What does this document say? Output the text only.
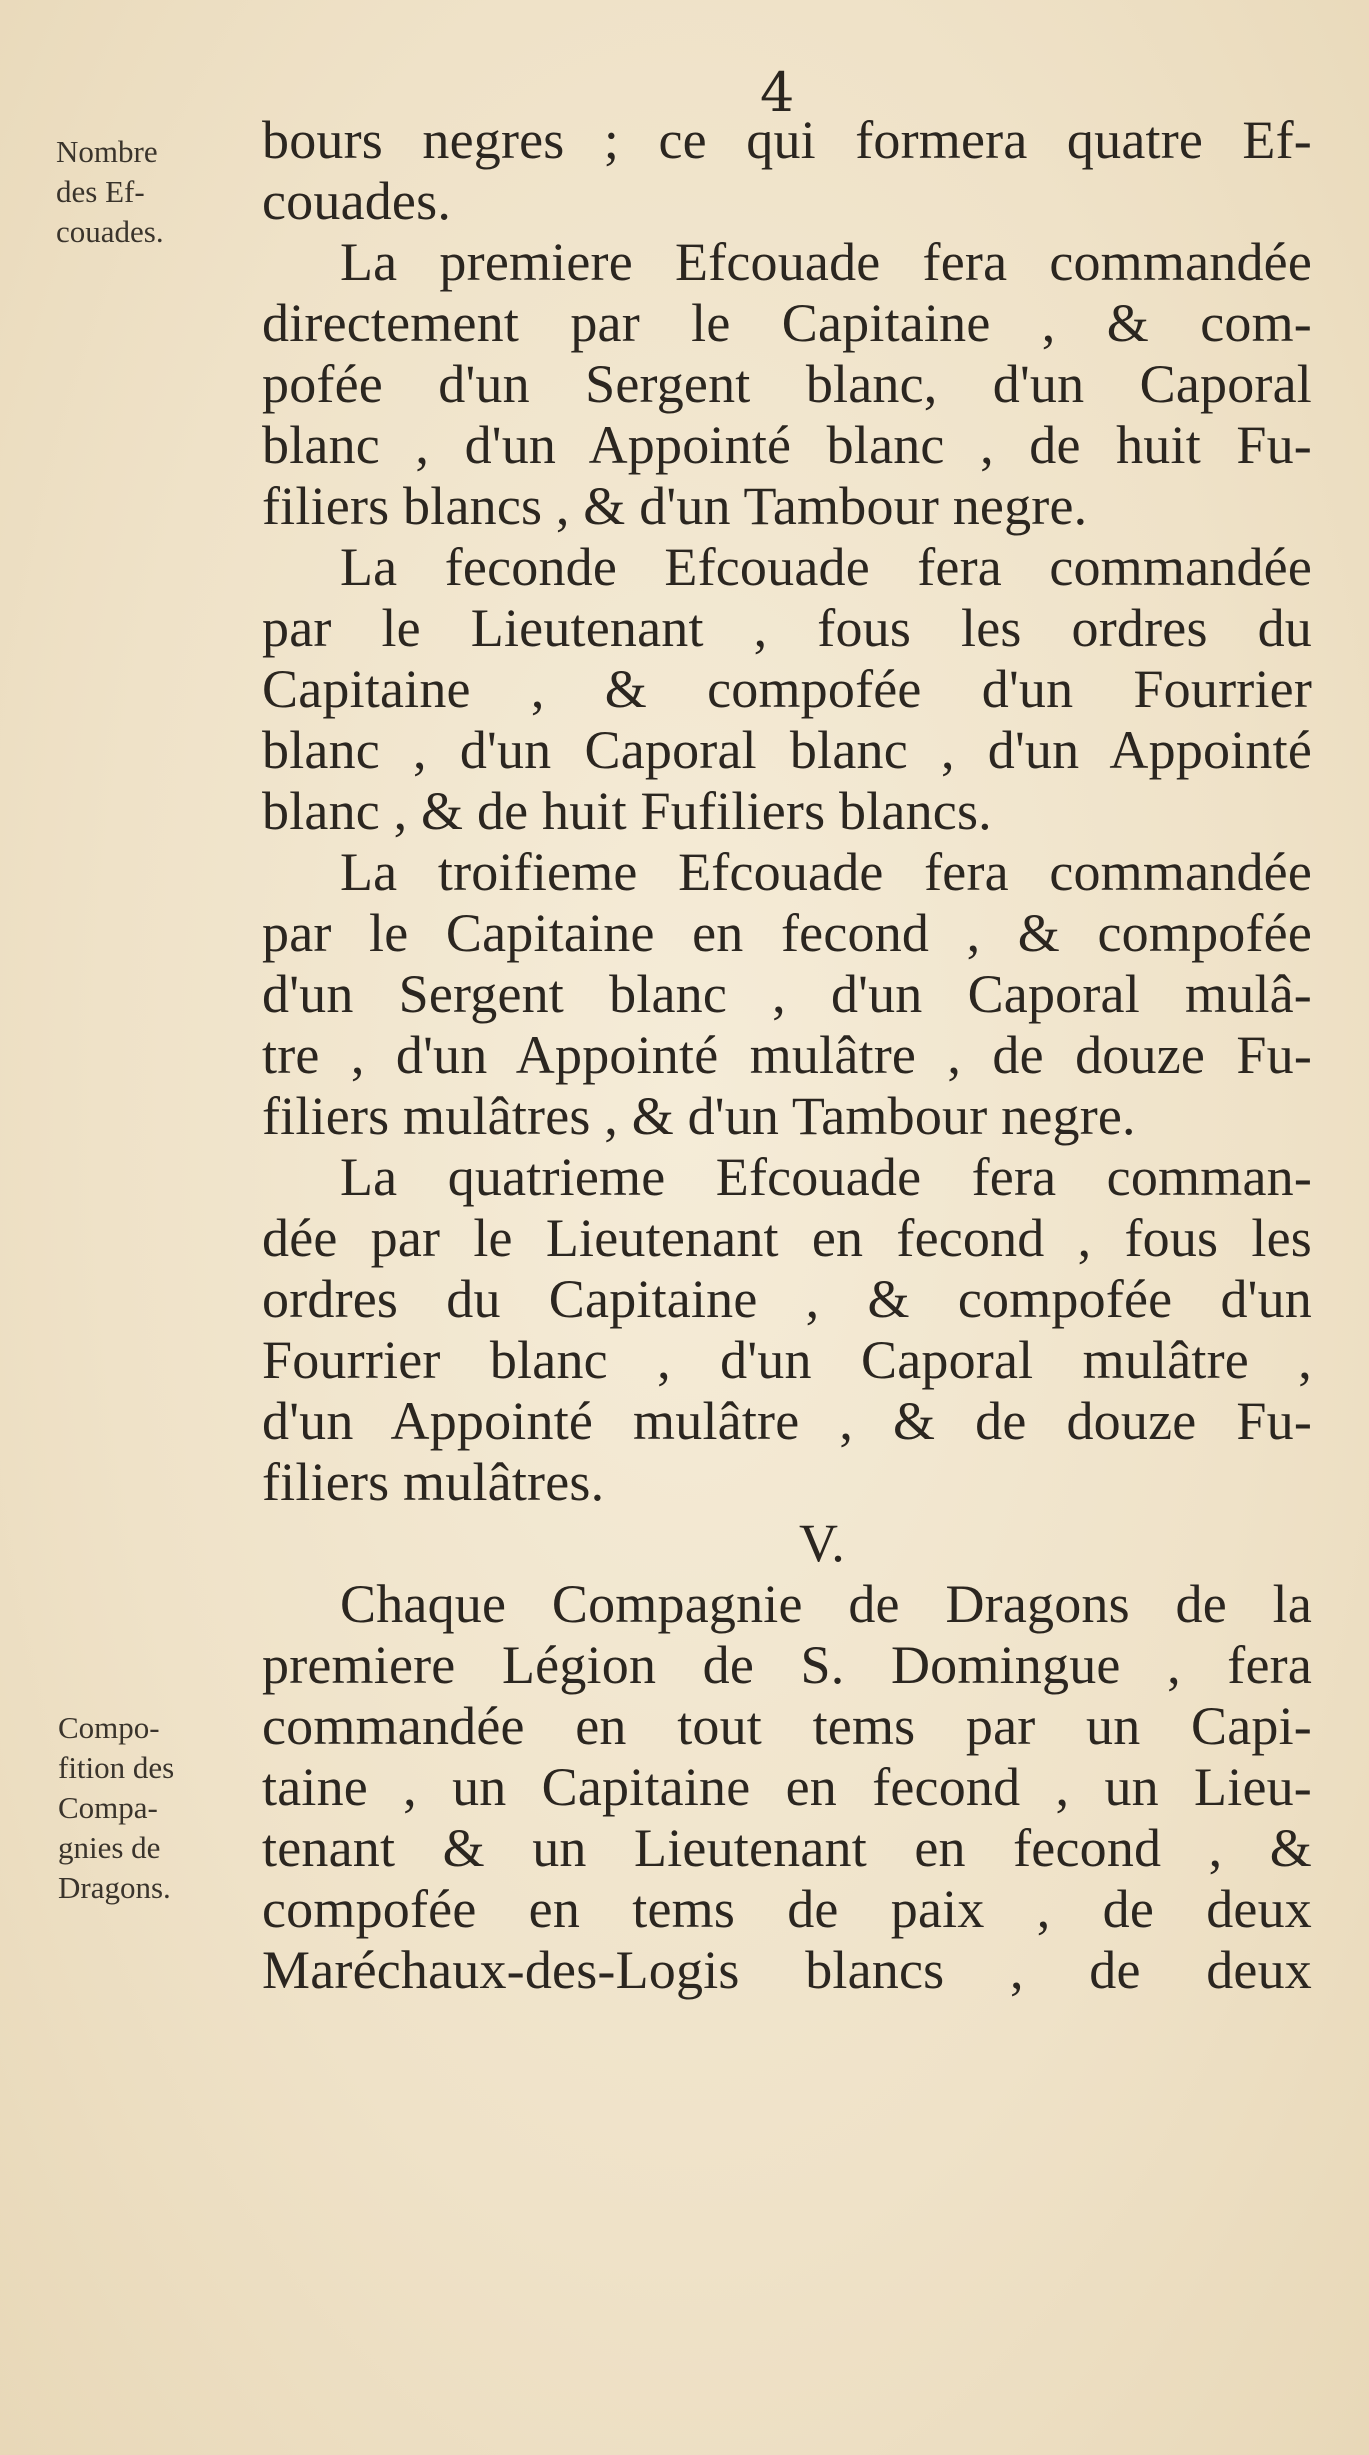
4
Nombre
des Ef-
couades.
Compo-
fition des
Compa-
gnies de
Dragons.
bours negres ; ce qui formera quatre Ef-
couades.
La premiere Efcouade fera commandée
directement par le Capitaine , & com-
pofée d'un Sergent blanc, d'un Caporal
blanc , d'un Appointé blanc , de huit Fu-
filiers blancs , & d'un Tambour negre.
La feconde Efcouade fera commandée
par le Lieutenant , fous les ordres du
Capitaine , & compofée d'un Fourrier
blanc , d'un Caporal blanc , d'un Appointé
blanc , & de huit Fufiliers blancs.
La troifieme Efcouade fera commandée
par le Capitaine en fecond , & compofée
d'un Sergent blanc , d'un Caporal mulâ-
tre , d'un Appointé mulâtre , de douze Fu-
filiers mulâtres , & d'un Tambour negre.
La quatrieme Efcouade fera comman-
dée par le Lieutenant en fecond , fous les
ordres du Capitaine , & compofée d'un
Fourrier blanc , d'un Caporal mulâtre ,
d'un Appointé mulâtre , & de douze Fu-
filiers mulâtres.
V.
Chaque Compagnie de Dragons de la
premiere Légion de S. Domingue , fera
commandée en tout tems par un Capi-
taine , un Capitaine en fecond , un Lieu-
tenant & un Lieutenant en fecond , &
compofée en tems de paix , de deux
Maréchaux-des-Logis blancs , de deux
